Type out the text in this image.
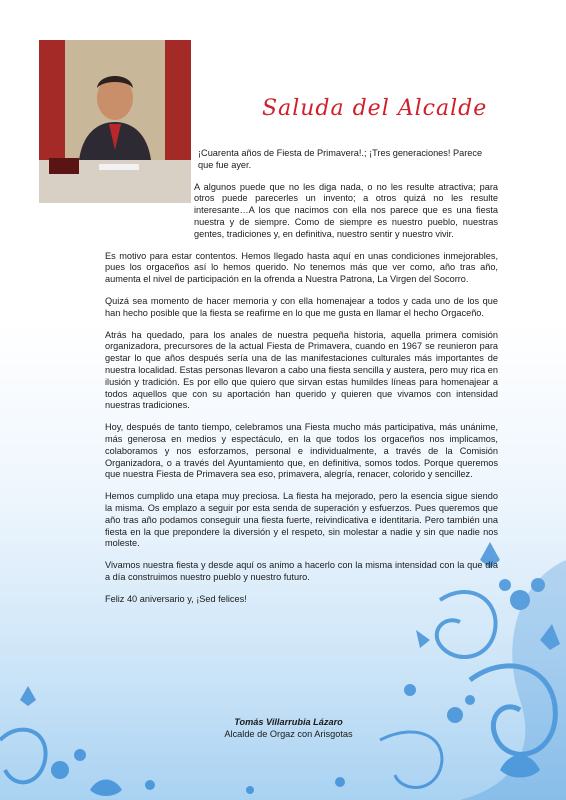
Saluda del Alcalde

¡Cuarenta años de Fiesta de Primavera!.; ¡Tres generaciones! Parece que fue ayer.

A algunos puede que no les diga nada, o no les resulte atractiva; para otros puede parecerles un invento; a otros quizá no les resulte interesante…A los que nacimos con ella nos parece que es una fiesta nuestra y de siempre. Como de siempre es nuestro pueblo, nuestras gentes, tradiciones y, en definitiva, nuestro sentir y nuestro vivir.

Es motivo para estar contentos. Hemos llegado hasta aquí en unas condiciones inmejorables, pues los orgaceños así lo hemos querido. No tenemos más que ver como, año tras año, aumenta el nivel de participación en la ofrenda a Nuestra Patrona, La Virgen del Socorro.

Quizá sea momento de hacer memoria y con ella homenajear a todos y cada uno de los que han hecho posible que la fiesta se reafirme en lo que me gusta en llamar el hecho Orgaceño.

Atrás ha quedado, para los anales de nuestra pequeña historia, aquella primera comisión organizadora, precursores de la actual Fiesta de Primavera, cuando en 1967 se reunieron para gestar lo que años después sería una de las manifestaciones culturales más importantes de nuestra localidad. Estas personas llevaron a cabo una fiesta sencilla y austera, pero muy rica en ilusión y tradición. Es por ello que quiero que sirvan estas humildes líneas para homenajear a todos aquellos que con su aportación han querido y quieren que vivamos con intensidad nuestras tradiciones.

Hoy, después de tanto tiempo, celebramos una Fiesta mucho más participativa, más unánime, más generosa en medios y espectáculo, en la que todos los orgaceños nos implicamos, colaboramos y nos esforzamos, personal e individualmente, a través de la Comisión Organizadora, o a través del Ayuntamiento que, en definitiva, somos todos. Porque queremos que nuestra Fiesta de Primavera sea eso, primavera, alegría, renacer, colorido y sencillez.

Hemos cumplido una etapa muy preciosa. La fiesta ha mejorado, pero la esencia sigue siendo la misma. Os emplazo a seguir por esta senda de superación y esfuerzos. Pues queremos que año tras año podamos conseguir una fiesta fuerte, reivindicativa e identitaria. Pero también una fiesta en la que prepondere la diversión y el respeto, sin molestar a nadie y sin que nadie nos moleste.

Vivamos nuestra fiesta y desde aquí os animo a hacerlo con la misma intensidad con la que día a día construimos nuestro pueblo y nuestro futuro.

Feliz 40 aniversario y, ¡Sed felices!

Tomás Villarrubia Lázaro
Alcalde de Orgaz con Arisgotas
